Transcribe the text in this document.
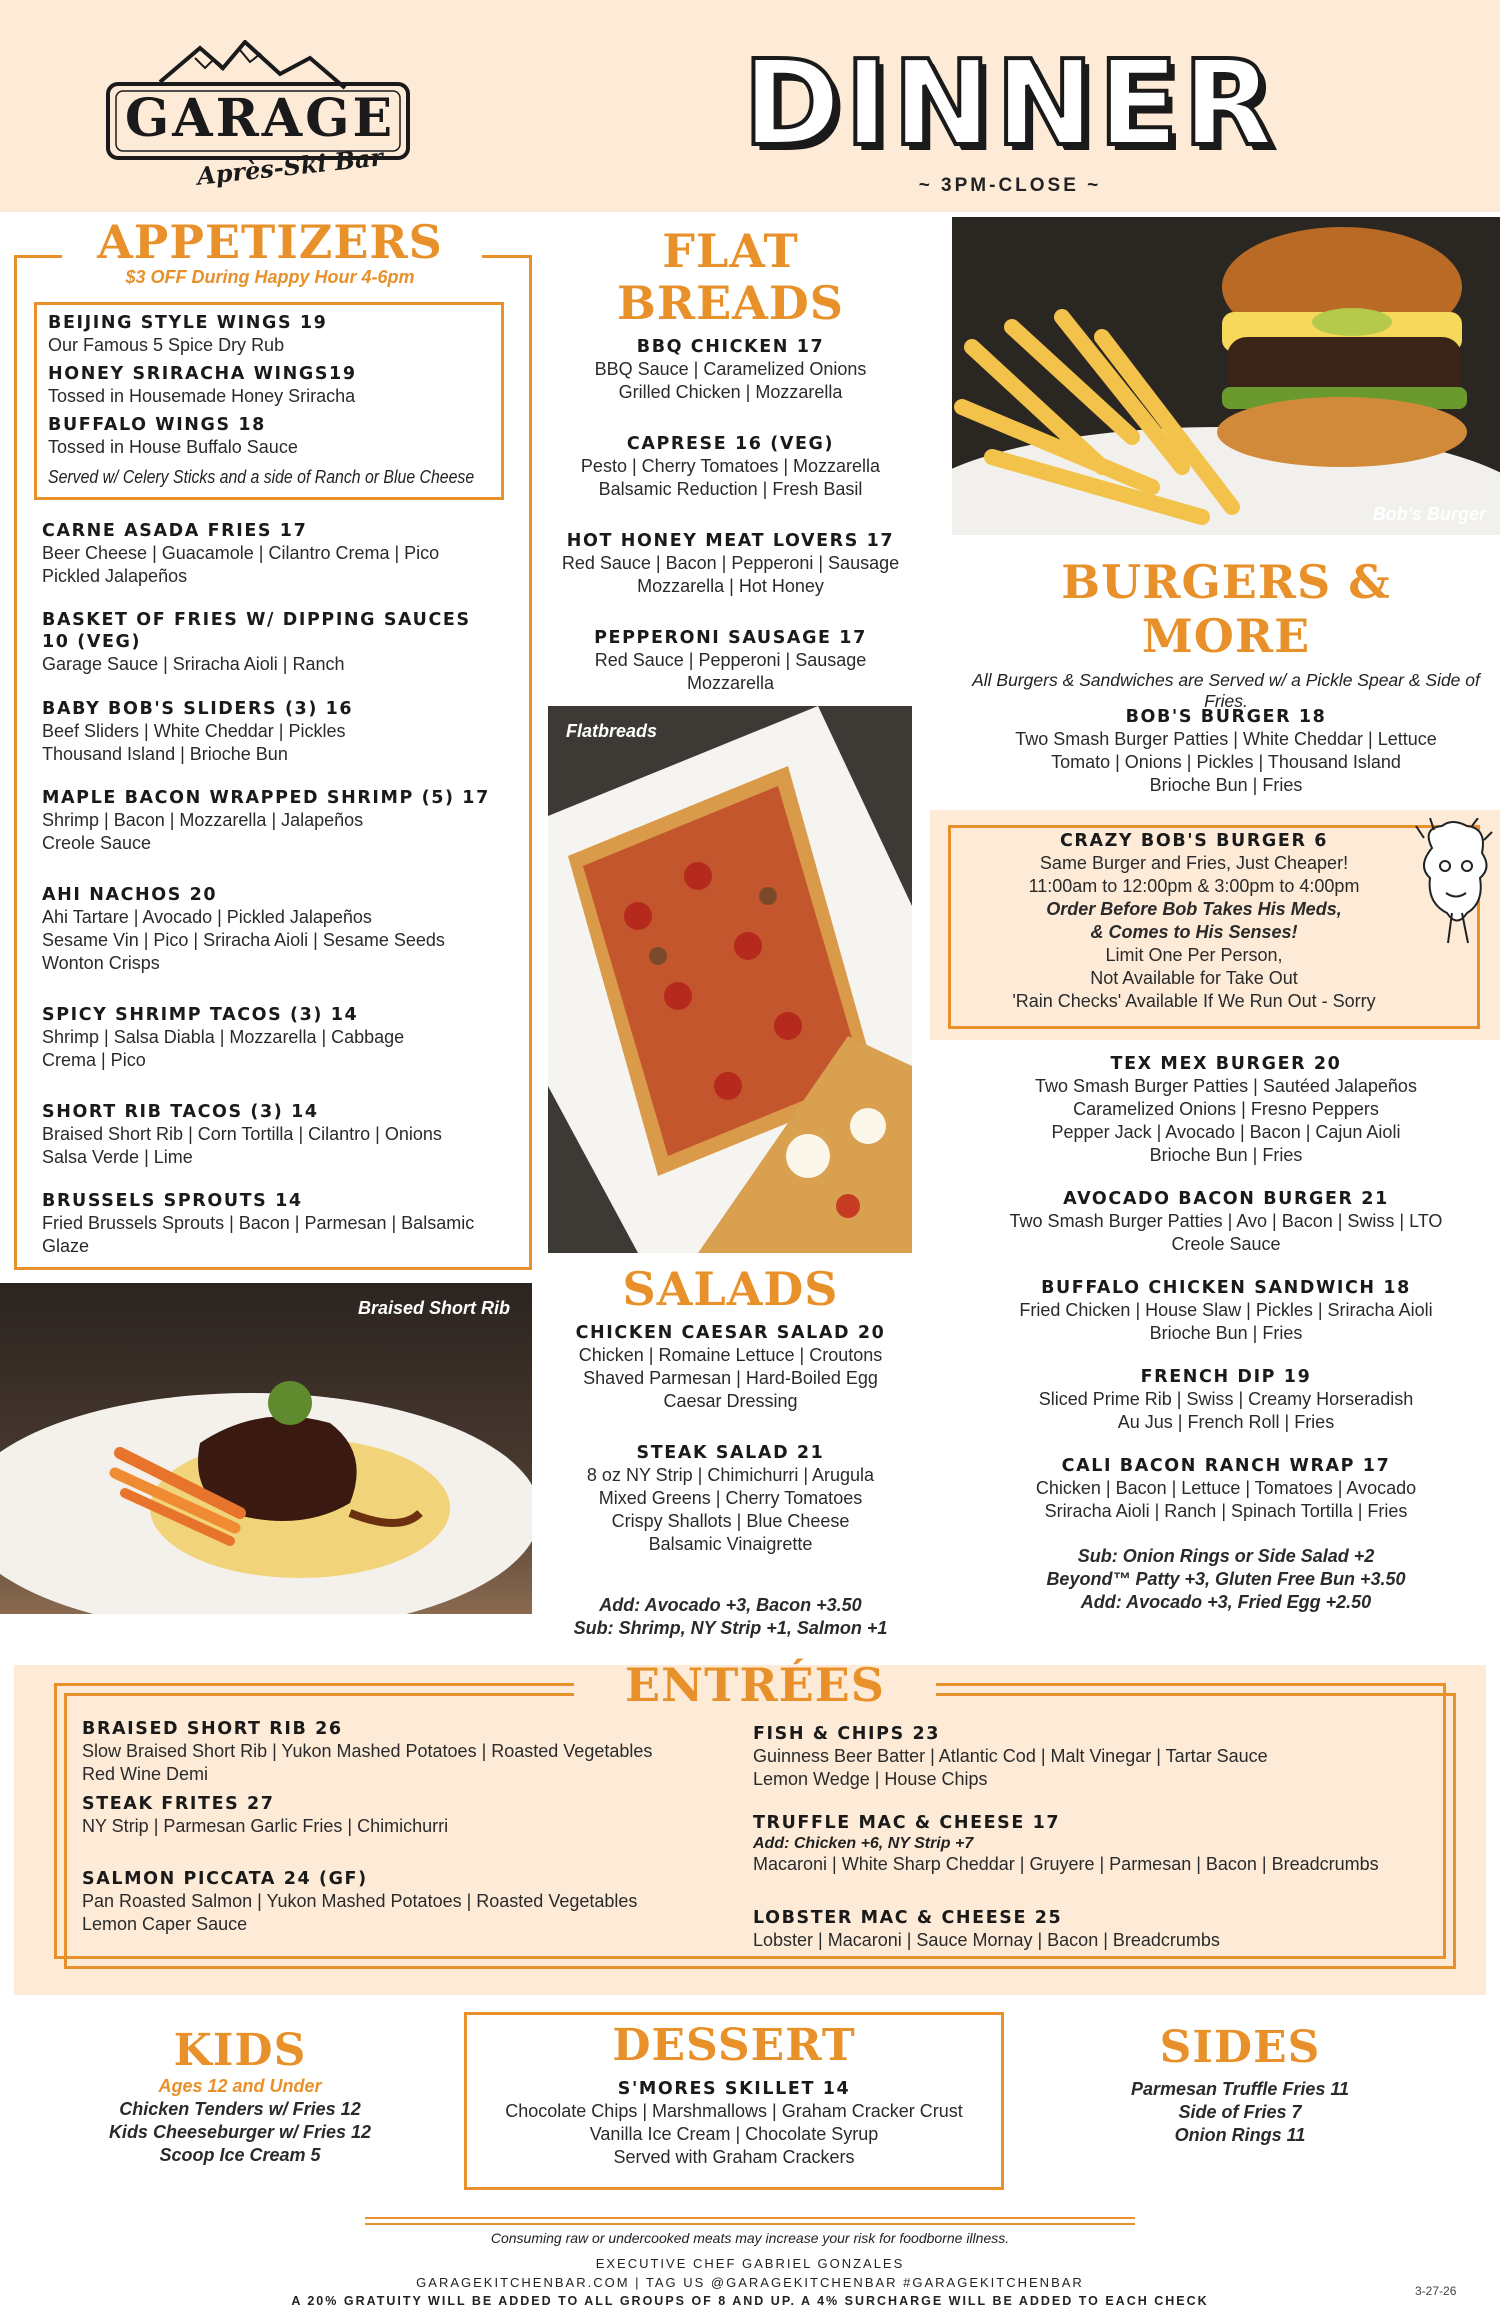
GARAGE
Après-Ski Bar	DINNER
~ 3PM-CLOSE ~
APPETIZERS
$3 OFF During Happy Hour 4-6pm
BEIJING STYLE WINGS 19
Our Famous 5 Spice Dry Rub
HONEY SRIRACHA WINGS19
Tossed in Housemade Honey Sriracha
BUFFALO WINGS 18
Tossed in House Buffalo Sauce
Served w/ Celery Sticks and a side of Ranch or Blue Cheese
CARNE ASADA FRIES 17
Beer Cheese | Guacamole | Cilantro Crema | Pico
Pickled Jalapeños
BASKET OF FRIES W/ DIPPING SAUCES
10 (VEG)
Garage Sauce | Sriracha Aioli | Ranch
BABY BOB'S SLIDERS (3) 16
Beef Sliders | White Cheddar | Pickles
Thousand Island | Brioche Bun
MAPLE BACON WRAPPED SHRIMP (5) 17
Shrimp | Bacon | Mozzarella | Jalapeños
Creole Sauce
AHI NACHOS 20
Ahi Tartare | Avocado | Pickled Jalapeños
Sesame Vin | Pico | Sriracha Aioli | Sesame Seeds
Wonton Crisps
SPICY SHRIMP TACOS (3) 14
Shrimp | Salsa Diabla | Mozzarella | Cabbage
Crema | Pico
SHORT RIB TACOS (3) 14
Braised Short Rib | Corn Tortilla | Cilantro | Onions
Salsa Verde | Lime
BRUSSELS SPROUTS 14
Fried Brussels Sprouts | Bacon | Parmesan | Balsamic
Glaze
Braised Short Rib
FLAT
BREADS
BBQ CHICKEN 17
BBQ Sauce | Caramelized Onions
Grilled Chicken | Mozzarella
CAPRESE 16 (VEG)
Pesto | Cherry Tomatoes | Mozzarella
Balsamic Reduction | Fresh Basil
HOT HONEY MEAT LOVERS 17
Red Sauce | Bacon | Pepperoni | Sausage
Mozzarella | Hot Honey
PEPPERONI SAUSAGE 17
Red Sauce | Pepperoni | Sausage
Mozzarella
Flatbreads
SALADS
CHICKEN CAESAR SALAD 20
Chicken | Romaine Lettuce | Croutons
Shaved Parmesan | Hard-Boiled Egg
Caesar Dressing
STEAK SALAD 21
8 oz NY Strip | Chimichurri | Arugula
Mixed Greens | Cherry Tomatoes
Crispy Shallots | Blue Cheese
Balsamic Vinaigrette
Add: Avocado +3, Bacon +3.50
Sub: Shrimp, NY Strip +1, Salmon +1
Bob's Burger
BURGERS &
MORE
All Burgers & Sandwiches are Served w/ a Pickle Spear & Side of Fries.
BOB'S BURGER 18
Two Smash Burger Patties | White Cheddar | Lettuce
Tomato | Onions | Pickles | Thousand Island
Brioche Bun | Fries
CRAZY BOB'S BURGER 6
Same Burger and Fries, Just Cheaper!
11:00am to 12:00pm & 3:00pm to 4:00pm
Order Before Bob Takes His Meds,
& Comes to His Senses!
Limit One Per Person,
Not Available for Take Out
'Rain Checks' Available If We Run Out - Sorry
TEX MEX BURGER 20
Two Smash Burger Patties | Sautéed Jalapeños
Caramelized Onions | Fresno Peppers
Pepper Jack | Avocado | Bacon | Cajun Aioli
Brioche Bun | Fries
AVOCADO BACON BURGER 21
Two Smash Burger Patties | Avo | Bacon | Swiss | LTO
Creole Sauce
BUFFALO CHICKEN SANDWICH 18
Fried Chicken | House Slaw | Pickles | Sriracha Aioli
Brioche Bun | Fries
FRENCH DIP 19
Sliced Prime Rib | Swiss | Creamy Horseradish
Au Jus | French Roll | Fries
CALI BACON RANCH WRAP 17
Chicken | Bacon | Lettuce | Tomatoes | Avocado
Sriracha Aioli | Ranch | Spinach Tortilla | Fries
Sub: Onion Rings or Side Salad +2
Beyond™ Patty +3, Gluten Free Bun +3.50
Add: Avocado +3, Fried Egg +2.50
ENTRÉES
BRAISED SHORT RIB 26
Slow Braised Short Rib | Yukon Mashed Potatoes | Roasted Vegetables
Red Wine Demi
STEAK FRITES 27
NY Strip | Parmesan Garlic Fries | Chimichurri
SALMON PICCATA 24 (GF)
Pan Roasted Salmon | Yukon Mashed Potatoes | Roasted Vegetables
Lemon Caper Sauce
FISH & CHIPS 23
Guinness Beer Batter | Atlantic Cod | Malt Vinegar | Tartar Sauce
Lemon Wedge | House Chips
TRUFFLE MAC & CHEESE 17
Add: Chicken +6, NY Strip +7
Macaroni | White Sharp Cheddar | Gruyere | Parmesan | Bacon | Breadcrumbs
LOBSTER MAC & CHEESE 25
Lobster | Macaroni | Sauce Mornay | Bacon | Breadcrumbs
KIDS
Ages 12 and Under
Chicken Tenders w/ Fries 12
Kids Cheeseburger w/ Fries 12
Scoop Ice Cream 5
DESSERT
S'MORES SKILLET 14
Chocolate Chips | Marshmallows | Graham Cracker Crust
Vanilla Ice Cream | Chocolate Syrup
Served with Graham Crackers
SIDES
Parmesan Truffle Fries 11
Side of Fries 7
Onion Rings 11
Consuming raw or undercooked meats may increase your risk for foodborne illness.
EXECUTIVE CHEF GABRIEL GONZALES
GARAGEKITCHENBAR.COM | TAG US @GARAGEKITCHENBAR #GARAGEKITCHENBAR
A 20% GRATUITY WILL BE ADDED TO ALL GROUPS OF 8 AND UP. A 4% SURCHARGE WILL BE ADDED TO EACH CHECK
3-27-26
